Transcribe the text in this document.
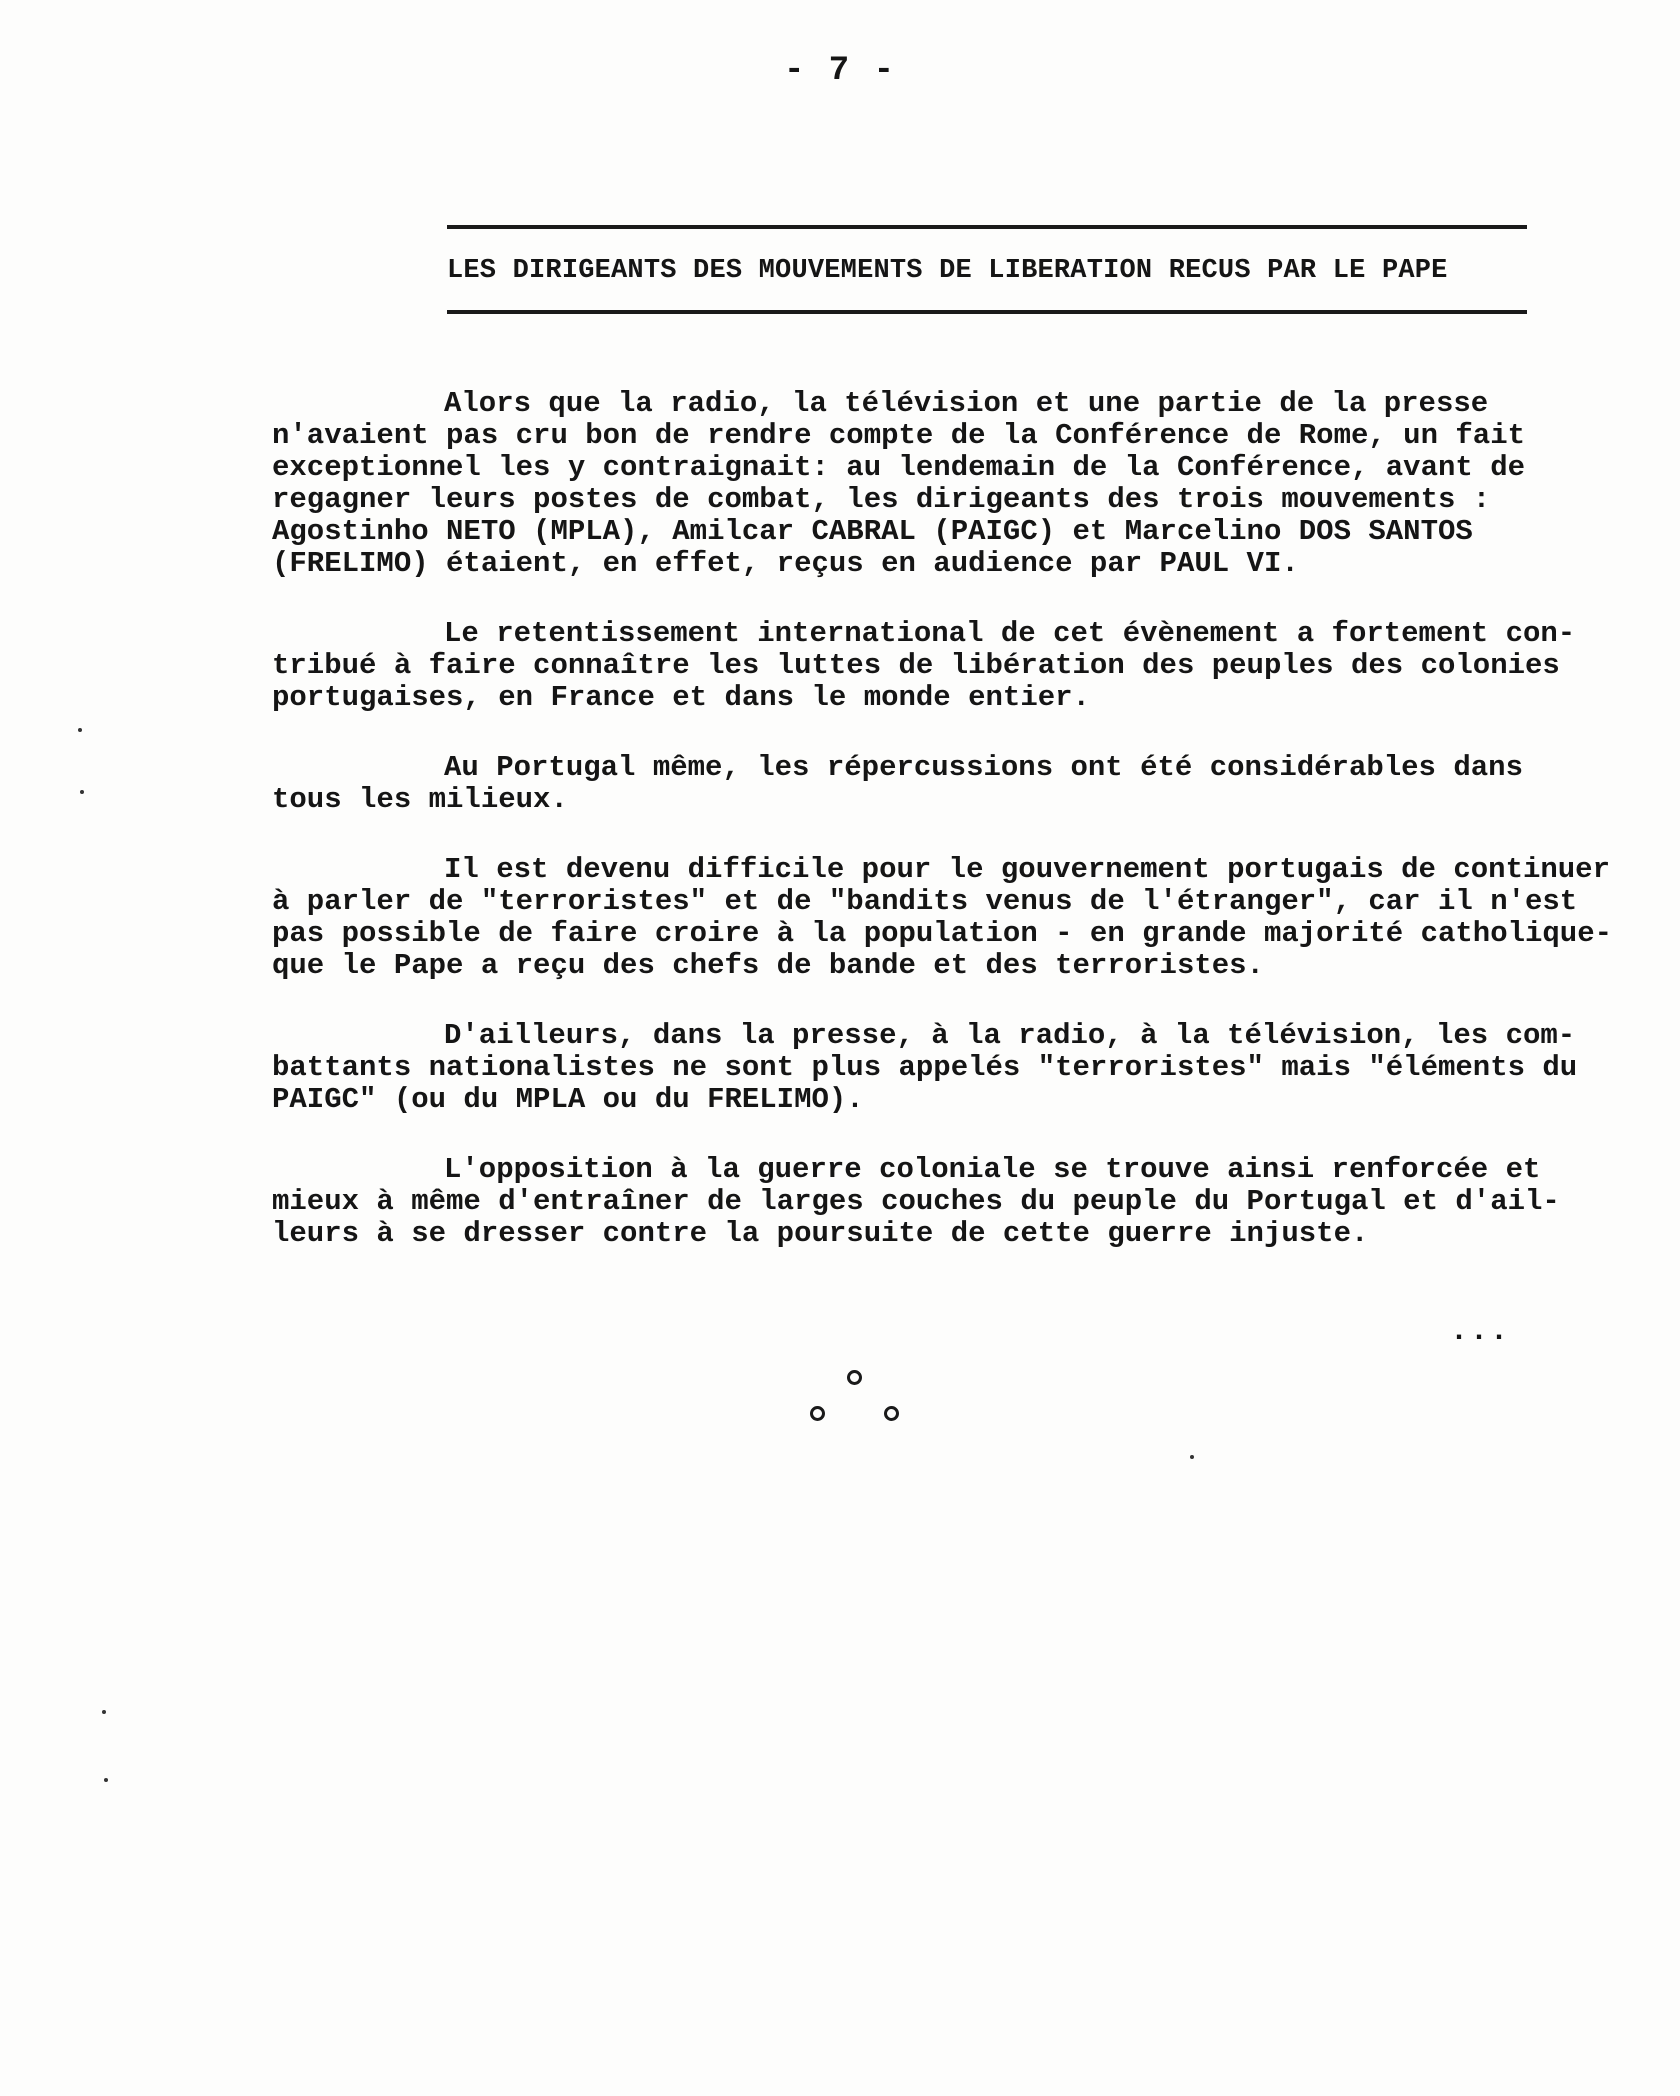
- 7 -
LES DIRIGEANTS DES MOUVEMENTS DE LIBERATION RECUS PAR LE PAPE

Alors que la radio, la télévision et une partie de la presse
n'avaient pas cru bon de rendre compte de la Conférence de Rome, un fait
exceptionnel les y contraignait: au lendemain de la Conférence, avant de
regagner leurs postes de combat, les dirigeants des trois mouvements :
Agostinho NETO (MPLA), Amilcar CABRAL (PAIGC) et Marcelino DOS SANTOS
(FRELIMO) étaient, en effet, reçus en audience par PAUL VI.

Le retentissement international de cet évènement a fortement con-
tribué à faire connaître les luttes de libération des peuples des colonies
portugaises, en France et dans le monde entier.

Au Portugal même, les répercussions ont été considérables dans
tous les milieux.

Il est devenu difficile pour le gouvernement portugais de continuer
à parler de "terroristes" et de "bandits venus de l'étranger", car il n'est
pas possible de faire croire à la population - en grande majorité catholique-
que le Pape a reçu des chefs de bande et des terroristes.

D'ailleurs, dans la presse, à la radio, à la télévision, les com-
battants nationalistes ne sont plus appelés "terroristes" mais "éléments du
PAIGC" (ou du MPLA ou du FRELIMO).

L'opposition à la guerre coloniale se trouve ainsi renforcée et
mieux à même d'entraîner de larges couches du peuple du Portugal et d'ail-
leurs à se dresser contre la poursuite de cette guerre injuste.

...
